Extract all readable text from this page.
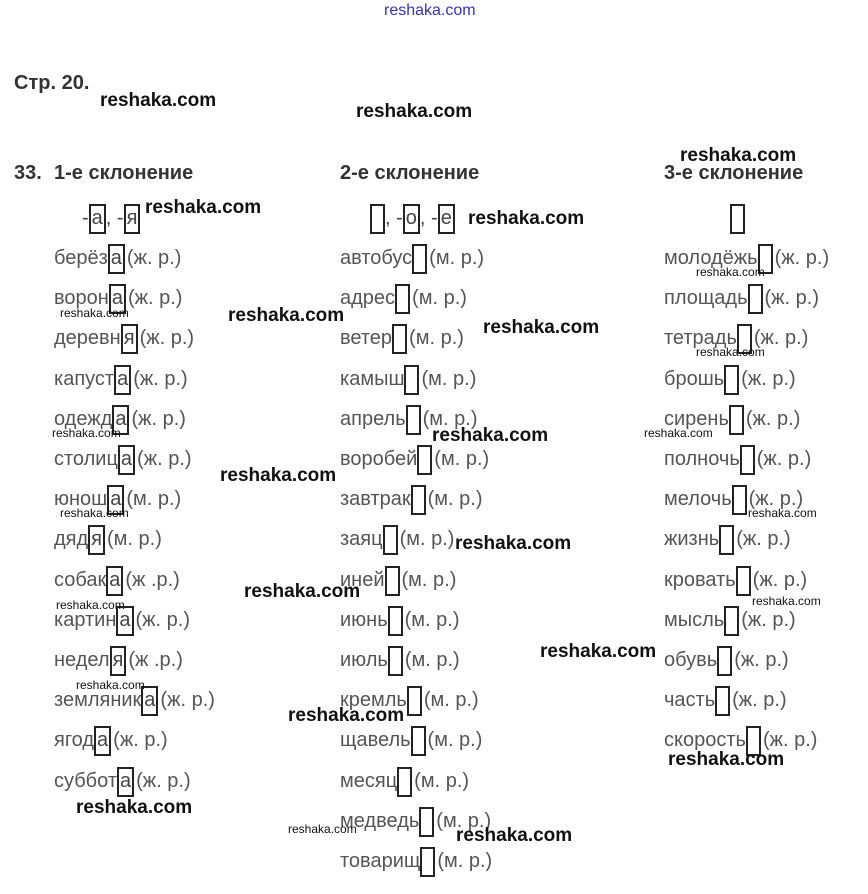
Стр. 20.
33. 1-е склонение
- а , - я
берёз а (ж. р.)
ворон а (ж. р.)
деревн я (ж. р.)
капуст а (ж. р.)
одежд а (ж. р.)
столиц а (ж. р.)
юнош а (м. р.)
дяд я (м. р.)
собак а (ж .р.)
картин а (ж. р.)
недел я (ж .р.)
земляник а (ж. р.)
ягод а (ж. р.)
суббот а (ж. р.)
2-е склонение
, - о , - е
автобус (м. р.)
адрес (м. р.)
ветер (м. р.)
камыш (м. р.)
апрель (м. р.)
воробей (м. р.)
завтрак (м. р.)
заяц (м. р.)
иней (м. р.)
июнь (м. р.)
июль (м. р.)
кремль (м. р.)
щавель (м. р.)
месяц (м. р.)
медведь (м. р.)
товарищ (м. р.)
3-е склонение
молодёжь (ж. р.)
площадь (ж. р.)
тетрадь (ж. р.)
брошь (ж. р.)
сирень (ж. р.)
полночь (ж. р.)
мелочь (ж. р.)
жизнь (ж. р.)
кровать (ж. р.)
мысль (ж. р.)
обувь (ж. р.)
часть (ж. р.)
скорость (ж. р.)
reshaka.com
reshaka.com
reshaka.com
reshaka.com
reshaka.com
reshaka.com
reshaka.com
reshaka.com
reshaka.com
reshaka.com
reshaka.com
reshaka.com
reshaka.com
reshaka.com
reshaka.com
reshaka.com
reshaka.com
reshaka.com
reshaka.com
reshaka.com
reshaka.com	reshaka.com
reshaka.com	reshaka.com
reshaka.com	reshaka.com
reshaka.com
reshaka.com
